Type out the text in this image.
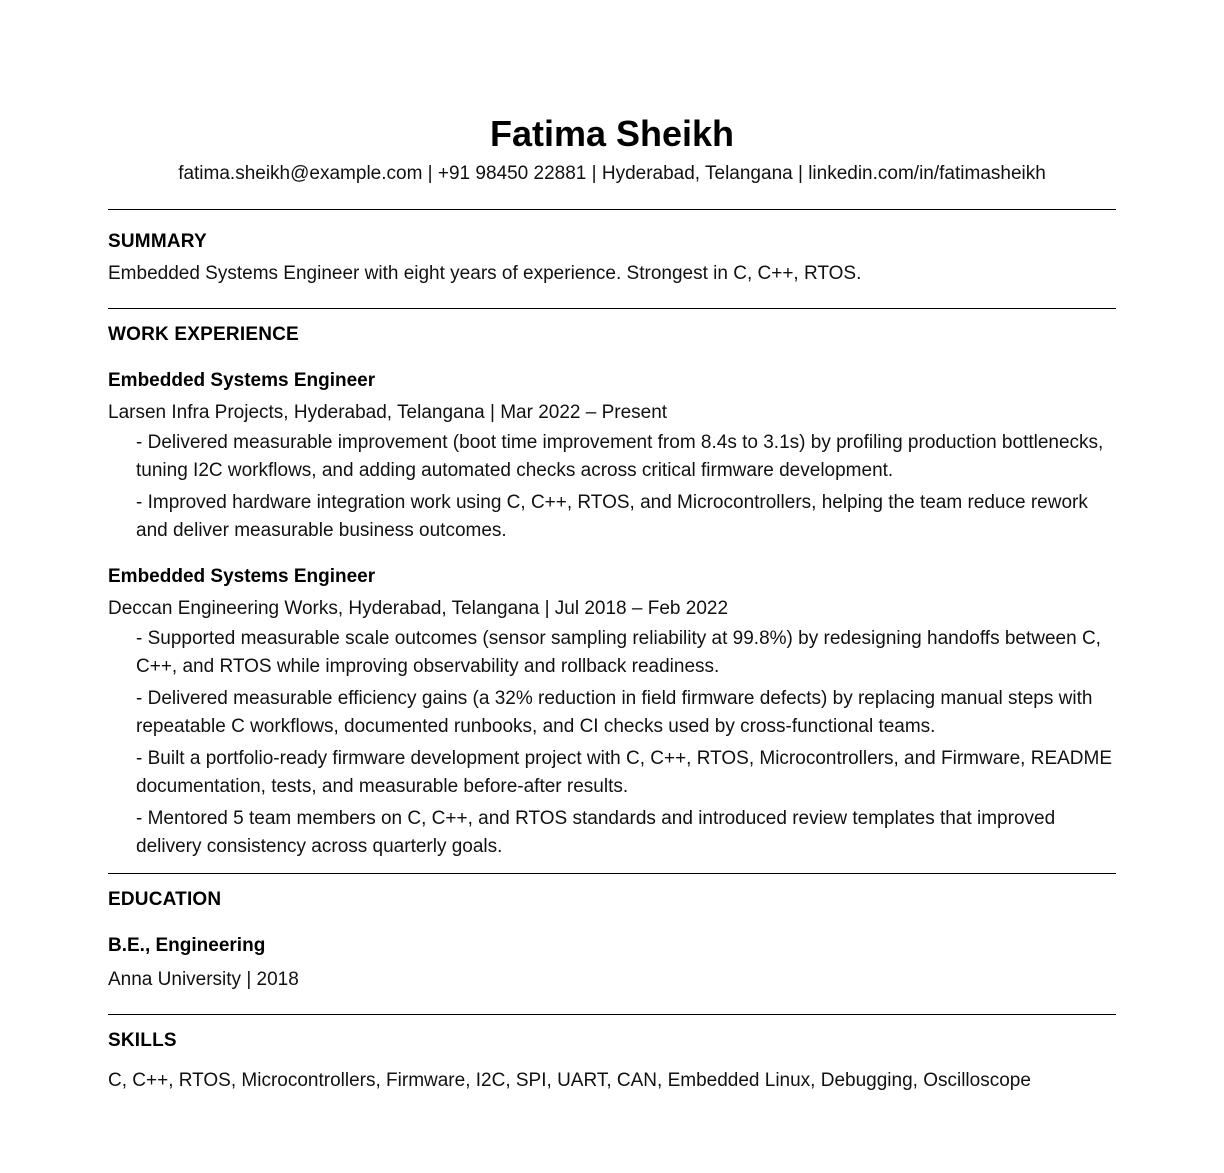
Fatima Sheikh
fatima.sheikh@example.com | +91 98450 22881 | Hyderabad, Telangana | linkedin.com/in/fatimasheikh
SUMMARY
Embedded Systems Engineer with eight years of experience. Strongest in C, C++, RTOS.
WORK EXPERIENCE
Embedded Systems Engineer
Larsen Infra Projects, Hyderabad, Telangana | Mar 2022 – Present
- Delivered measurable improvement (boot time improvement from 8.4s to 3.1s) by profiling production bottlenecks, tuning I2C workflows, and adding automated checks across critical firmware development.
- Improved hardware integration work using C, C++, RTOS, and Microcontrollers, helping the team reduce rework and deliver measurable business outcomes.
Embedded Systems Engineer
Deccan Engineering Works, Hyderabad, Telangana | Jul 2018 – Feb 2022
- Supported measurable scale outcomes (sensor sampling reliability at 99.8%) by redesigning handoffs between C, C++, and RTOS while improving observability and rollback readiness.
- Delivered measurable efficiency gains (a 32% reduction in field firmware defects) by replacing manual steps with repeatable C workflows, documented runbooks, and CI checks used by cross-functional teams.
- Built a portfolio-ready firmware development project with C, C++, RTOS, Microcontrollers, and Firmware, README documentation, tests, and measurable before-after results.
- Mentored 5 team members on C, C++, and RTOS standards and introduced review templates that improved delivery consistency across quarterly goals.
EDUCATION
B.E., Engineering
Anna University | 2018
SKILLS
C, C++, RTOS, Microcontrollers, Firmware, I2C, SPI, UART, CAN, Embedded Linux, Debugging, Oscilloscope
